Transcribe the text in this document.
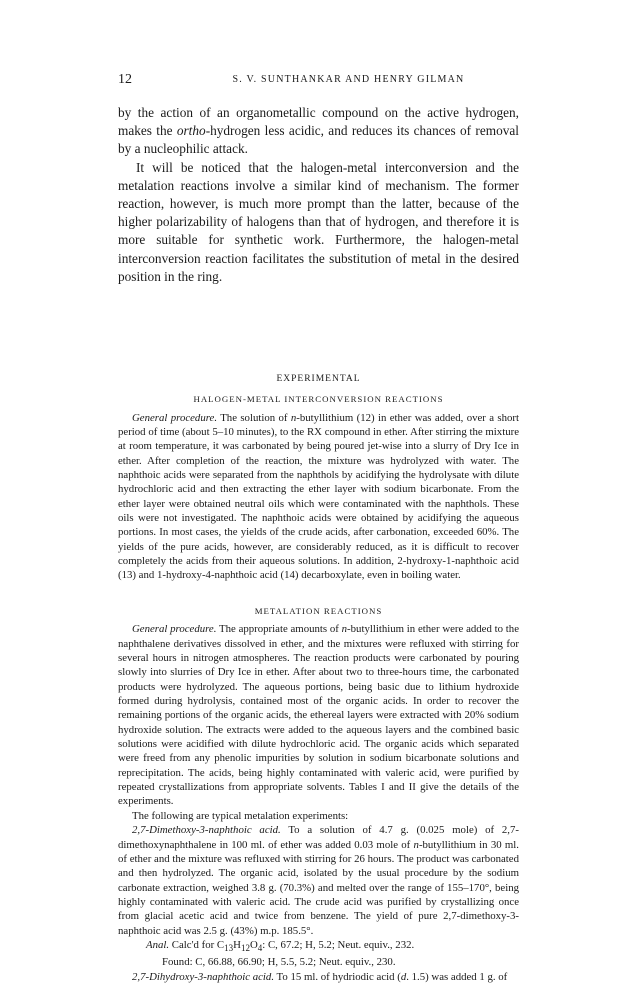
12	S. V. SUNTHANKAR AND HENRY GILMAN

by the action of an organometallic compound on the active hydrogen, makes the ortho-hydrogen less acidic, and reduces its chances of removal by a nucleophilic attack.

It will be noticed that the halogen-metal interconversion and the metalation reactions involve a similar kind of mechanism. The former reaction, however, is much more prompt than the latter, because of the higher polarizability of halogens than that of hydrogen, and therefore it is more suitable for synthetic work. Furthermore, the halogen-metal interconversion reaction facilitates the substitution of metal in the desired position in the ring.

EXPERIMENTAL

HALOGEN-METAL INTERCONVERSION REACTIONS

General procedure. The solution of n-butyllithium (12) in ether was added, over a short period of time (about 5–10 minutes), to the RX compound in ether. After stirring the mixture at room temperature, it was carbonated by being poured jet-wise into a slurry of Dry Ice in ether. After completion of the reaction, the mixture was hydrolyzed with water. The naphthoic acids were separated from the naphthols by acidifying the hydrolysate with dilute hydrochloric acid and then extracting the ether layer with sodium bicarbonate. From the ether layer were obtained neutral oils which were contaminated with the naphthols. These oils were not investigated. The naphthoic acids were obtained by acidifying the aqueous portions. In most cases, the yields of the crude acids, after carbonation, exceeded 60%. The yields of the pure acids, however, are considerably reduced, as it is difficult to recover completely the acids from their aqueous solutions. In addition, 2-hydroxy-1-naphthoic acid (13) and 1-hydroxy-4-naphthoic acid (14) decarboxylate, even in boiling water.

METALATION REACTIONS

General procedure. The appropriate amounts of n-butyllithium in ether were added to the naphthalene derivatives dissolved in ether, and the mixtures were refluxed with stirring for several hours in nitrogen atmospheres. The reaction products were carbonated by pouring slowly into slurries of Dry Ice in ether. After about two to three-hours time, the carbonated products were hydrolyzed. The aqueous portions, being basic due to lithium hydroxide formed during hydrolysis, contained most of the organic acids. In order to recover the remaining portions of the organic acids, the ethereal layers were extracted with 20% sodium hydroxide solution. The extracts were added to the aqueous layers and the combined basic solutions were acidified with dilute hydrochloric acid. The organic acids which separated were freed from any phenolic impurities by solution in sodium bicarbonate solutions and reprecipitation. The acids, being highly contaminated with valeric acid, were purified by repeated crystallizations from appropriate solvents. Tables I and II give the details of the experiments.

The following are typical metalation experiments:

2,7-Dimethoxy-3-naphthoic acid. To a solution of 4.7 g. (0.025 mole) of 2,7-dimethoxynaphthalene in 100 ml. of ether was added 0.03 mole of n-butyllithium in 30 ml. of ether and the mixture was refluxed with stirring for 26 hours. The product was carbonated and then hydrolyzed. The organic acid, isolated by the usual procedure by the sodium carbonate extraction, weighed 3.8 g. (70.3%) and melted over the range of 155–170°, being highly contaminated with valeric acid. The crude acid was purified by crystallizing once from glacial acetic acid and twice from benzene. The yield of pure 2,7-dimethoxy-3-naphthoic acid was 2.5 g. (43%) m.p. 185.5°.

Anal. Calc'd for $C_{13}H_{12}O_4$: C, 67.2; H, 5.2; Neut. equiv., 232.

Found: C, 66.88, 66.90; H, 5.5, 5.2; Neut. equiv., 230.

2,7-Dihydroxy-3-naphthoic acid. To 15 ml. of hydriodic acid (d. 1.5) was added 1 g. of
